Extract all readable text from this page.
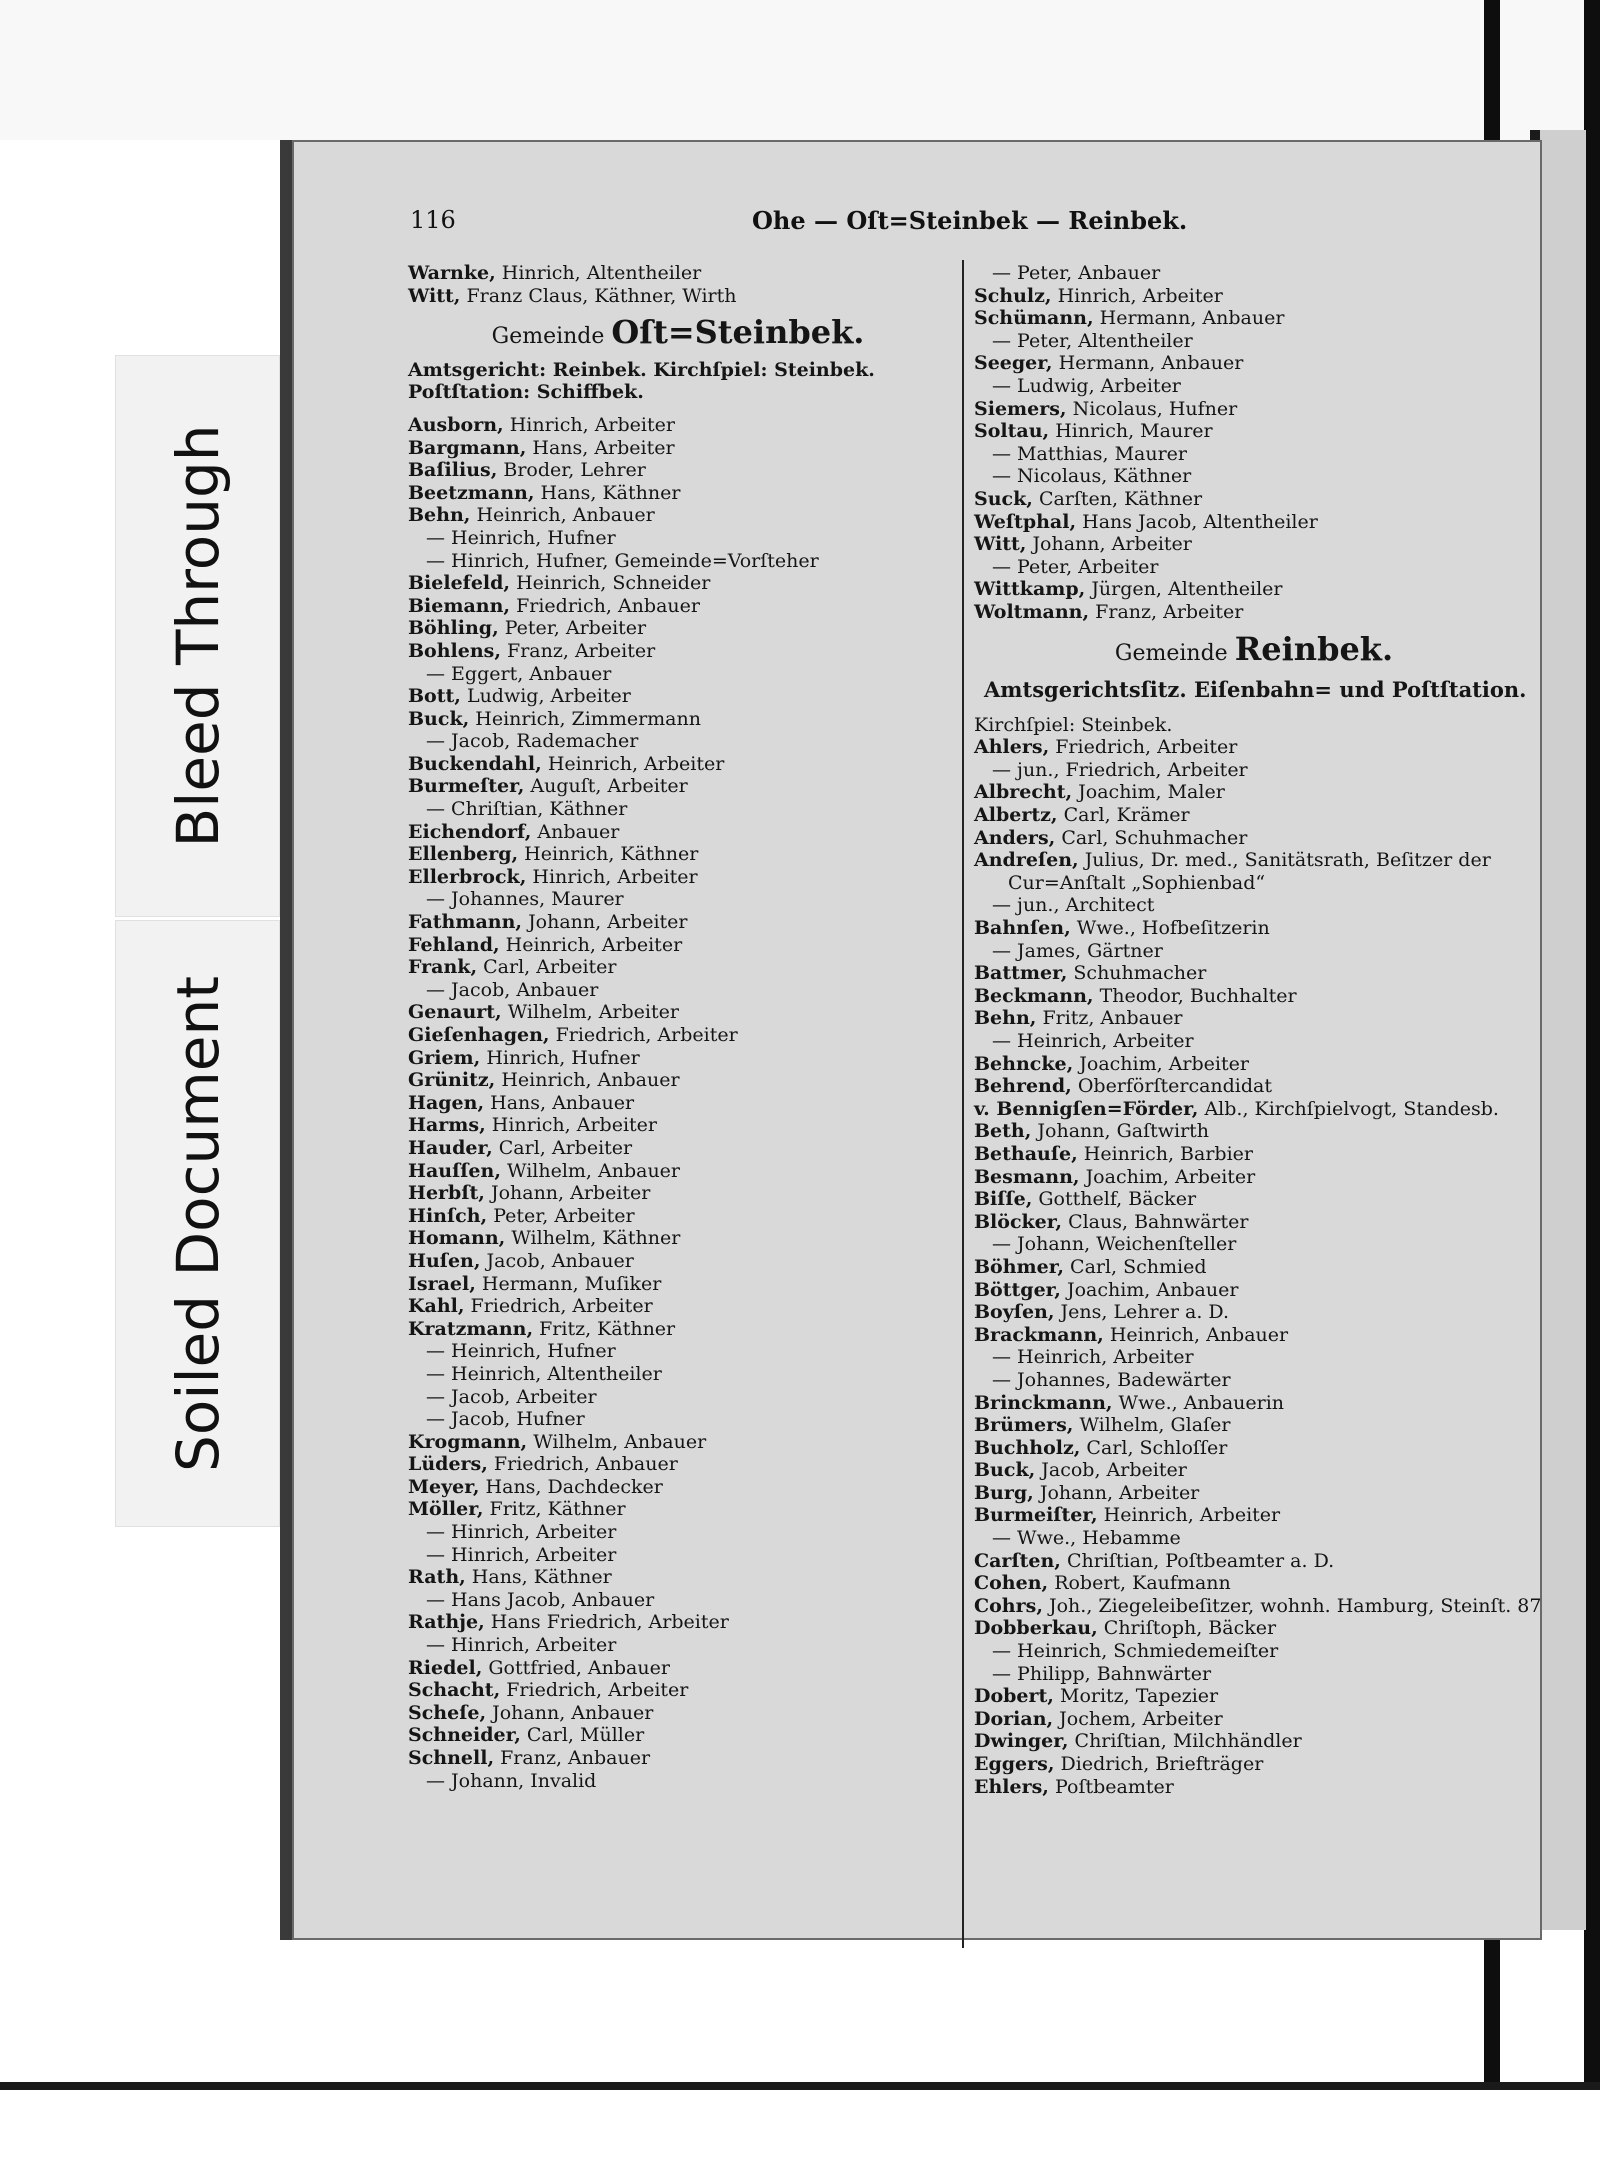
Bleed Through
Soiled Document
116	Ohe — Oſt=Steinbek — Reinbek.
Warnke, Hinrich, Altentheiler
Witt, Franz Claus, Käthner, Wirth
Gemeinde Oſt=Steinbek.
Amtsgericht: Reinbek. Kirchſpiel: Steinbek.
Poſtſtation: Schiffbek.
Ausborn, Hinrich, Arbeiter
Bargmann, Hans, Arbeiter
Baſilius, Broder, Lehrer
Beetzmann, Hans, Käthner
Behn, Heinrich, Anbauer
— Heinrich, Hufner
— Hinrich, Hufner, Gemeinde=Vorſteher
Bielefeld, Heinrich, Schneider
Biemann, Friedrich, Anbauer
Böhling, Peter, Arbeiter
Bohlens, Franz, Arbeiter
— Eggert, Anbauer
Bott, Ludwig, Arbeiter
Buck, Heinrich, Zimmermann
— Jacob, Rademacher
Buckendahl, Heinrich, Arbeiter
Burmeſter, Auguſt, Arbeiter
— Chriſtian, Käthner
Eichendorf, Anbauer
Ellenberg, Heinrich, Käthner
Ellerbrock, Hinrich, Arbeiter
— Johannes, Maurer
Fathmann, Johann, Arbeiter
Fehland, Heinrich, Arbeiter
Frank, Carl, Arbeiter
— Jacob, Anbauer
Genaurt, Wilhelm, Arbeiter
Gieſenhagen, Friedrich, Arbeiter
Griem, Hinrich, Hufner
Grünitz, Heinrich, Anbauer
Hagen, Hans, Anbauer
Harms, Hinrich, Arbeiter
Hauder, Carl, Arbeiter
Hauſſen, Wilhelm, Anbauer
Herbſt, Johann, Arbeiter
Hinſch, Peter, Arbeiter
Homann, Wilhelm, Käthner
Huſen, Jacob, Anbauer
Israel, Hermann, Muſiker
Kahl, Friedrich, Arbeiter
Kratzmann, Fritz, Käthner
— Heinrich, Hufner
— Heinrich, Altentheiler
— Jacob, Arbeiter
— Jacob, Hufner
Krogmann, Wilhelm, Anbauer
Lüders, Friedrich, Anbauer
Meyer, Hans, Dachdecker
Möller, Fritz, Käthner
— Hinrich, Arbeiter
— Hinrich, Arbeiter
Rath, Hans, Käthner
— Hans Jacob, Anbauer
Rathje, Hans Friedrich, Arbeiter
— Hinrich, Arbeiter
Riedel, Gottfried, Anbauer
Schacht, Friedrich, Arbeiter
Scheſe, Johann, Anbauer
Schneider, Carl, Müller
Schnell, Franz, Anbauer
— Johann, Invalid
— Peter, Anbauer
Schulz, Hinrich, Arbeiter
Schümann, Hermann, Anbauer
— Peter, Altentheiler
Seeger, Hermann, Anbauer
— Ludwig, Arbeiter
Siemers, Nicolaus, Hufner
Soltau, Hinrich, Maurer
— Matthias, Maurer
— Nicolaus, Käthner
Suck, Carſten, Käthner
Weſtphal, Hans Jacob, Altentheiler
Witt, Johann, Arbeiter
— Peter, Arbeiter
Wittkamp, Jürgen, Altentheiler
Woltmann, Franz, Arbeiter
Gemeinde Reinbek.
Amtsgerichtsſitz. Eiſenbahn= und Poſtſtation.
Kirchſpiel: Steinbek.
Ahlers, Friedrich, Arbeiter
— jun., Friedrich, Arbeiter
Albrecht, Joachim, Maler
Albertz, Carl, Krämer
Anders, Carl, Schuhmacher
Andreſen, Julius, Dr. med., Sanitätsrath, Beſitzer der
Cur=Anſtalt „Sophienbad“
— jun., Architect
Bahnſen, Wwe., Hofbeſitzerin
— James, Gärtner
Battmer, Schuhmacher
Beckmann, Theodor, Buchhalter
Behn, Fritz, Anbauer
— Heinrich, Arbeiter
Behncke, Joachim, Arbeiter
Behrend, Oberförſtercandidat
v. Bennigſen=Förder, Alb., Kirchſpielvogt, Standesb.
Beth, Johann, Gaſtwirth
Bethauſe, Heinrich, Barbier
Besmann, Joachim, Arbeiter
Biſſe, Gotthelf, Bäcker
Blöcker, Claus, Bahnwärter
— Johann, Weichenſteller
Böhmer, Carl, Schmied
Böttger, Joachim, Anbauer
Boyſen, Jens, Lehrer a. D.
Brackmann, Heinrich, Anbauer
— Heinrich, Arbeiter
— Johannes, Badewärter
Brinckmann, Wwe., Anbauerin
Brümers, Wilhelm, Glaſer
Buchholz, Carl, Schloſſer
Buck, Jacob, Arbeiter
Burg, Johann, Arbeiter
Burmeiſter, Heinrich, Arbeiter
— Wwe., Hebamme
Carſten, Chriſtian, Poſtbeamter a. D.
Cohen, Robert, Kaufmann
Cohrs, Joh., Ziegeleibeſitzer, wohnh. Hamburg, Steinſt. 87
Dobberkau, Chriſtoph, Bäcker
— Heinrich, Schmiedemeiſter
— Philipp, Bahnwärter
Dobert, Moritz, Tapezier
Dorian, Jochem, Arbeiter
Dwinger, Chriſtian, Milchhändler
Eggers, Diedrich, Briefträger
Ehlers, Poſtbeamter
